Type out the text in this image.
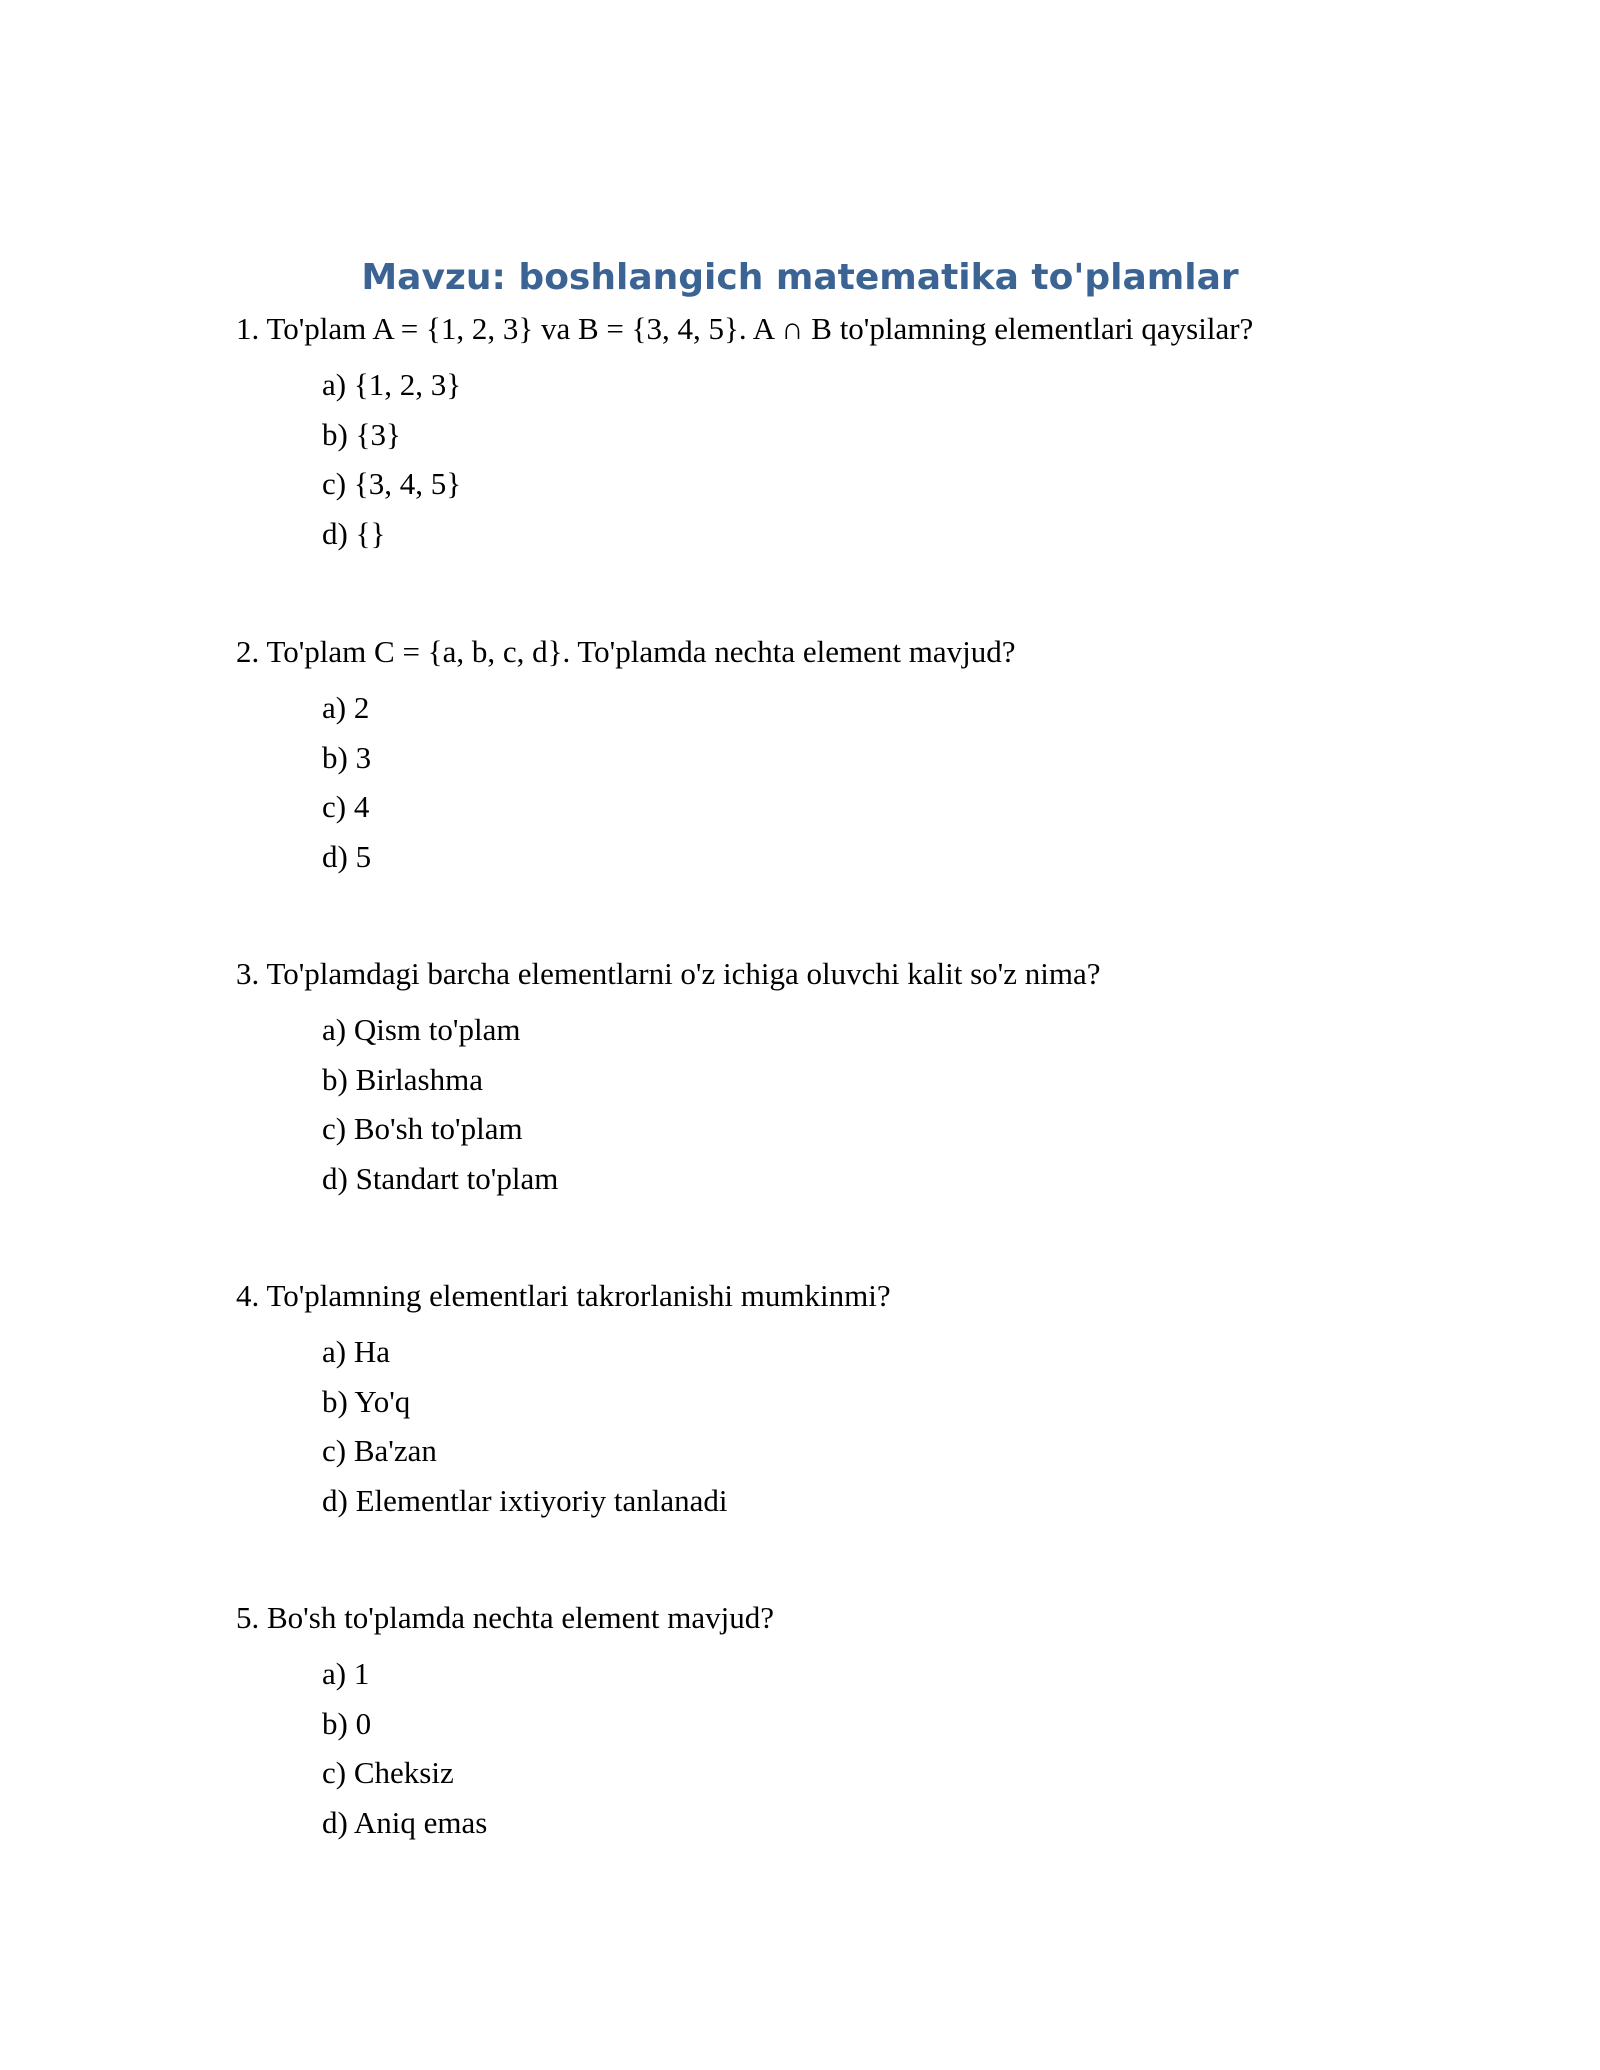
Mavzu: boshlangich matematika to'plamlar

1. To'plam A = {1, 2, 3} va B = {3, 4, 5}. A ∩ B to'plamning elementlari qaysilar?

a) {1, 2, 3}
b) {3}
c) {3, 4, 5}
d) {}

2. To'plam C = {a, b, c, d}. To'plamda nechta element mavjud?

a) 2
b) 3
c) 4
d) 5

3. To'plamdagi barcha elementlarni o'z ichiga oluvchi kalit so'z nima?

a) Qism to'plam
b) Birlashma
c) Bo'sh to'plam
d) Standart to'plam

4. To'plamning elementlari takrorlanishi mumkinmi?

a) Ha
b) Yo'q
c) Ba'zan
d) Elementlar ixtiyoriy tanlanadi

5. Bo'sh to'plamda nechta element mavjud?

a) 1
b) 0
c) Cheksiz
d) Aniq emas
